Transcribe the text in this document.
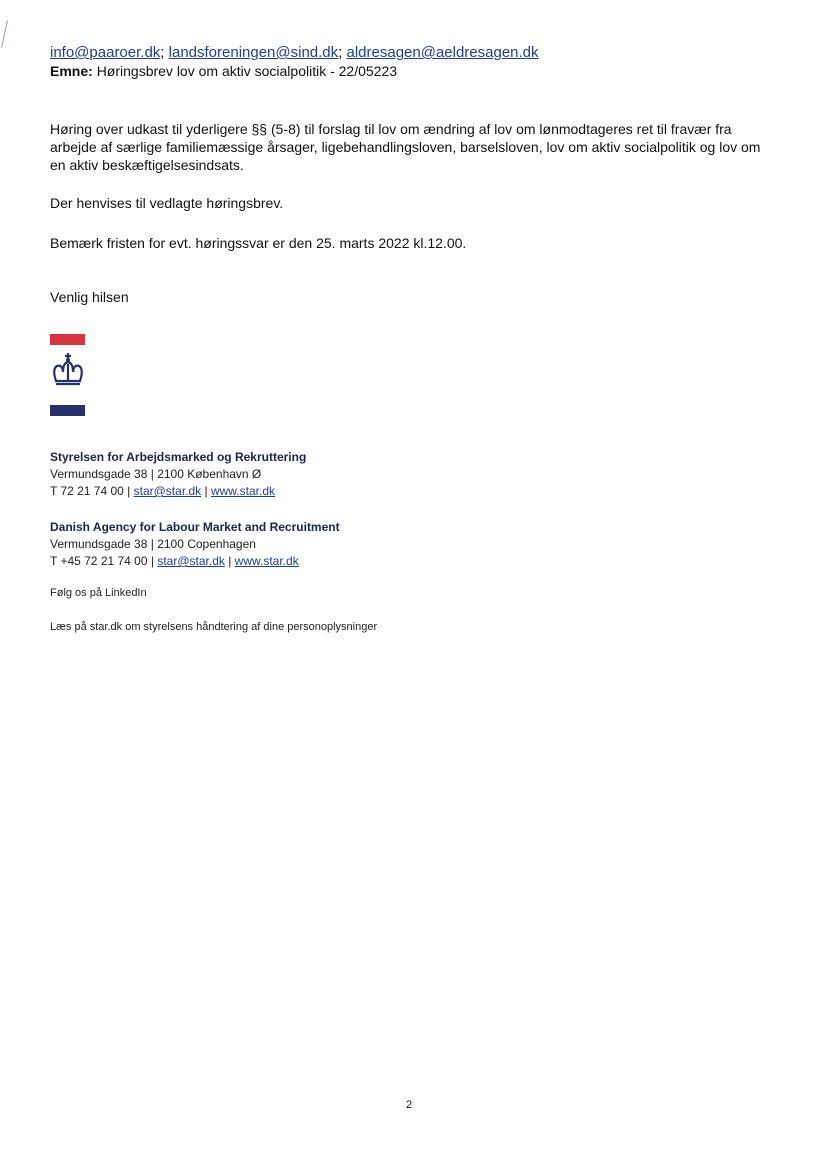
info@paaroer.dk; landsforeningen@sind.dk; aldresagen@aeldresagen.dk
Emne: Høringsbrev lov om aktiv socialpolitik - 22/05223
Høring over udkast til yderligere §§ (5-8) til forslag til lov om ændring af lov om lønmodtageres ret til fravær fra arbejde af særlige familiemæssige årsager, ligebehandlingsloven, barselsloven, lov om aktiv socialpolitik og lov om en aktiv beskæftigelsesindsats.
Der henvises til vedlagte høringsbrev.
Bemærk fristen for evt. høringssvar er den 25. marts 2022 kl.12.00.
Venlig hilsen
Styrelsen for Arbejdsmarked og Rekruttering
Vermundsgade 38 | 2100 København Ø
T 72 21 74 00 | star@star.dk | www.star.dk
Danish Agency for Labour Market and Recruitment
Vermundsgade 38 | 2100 Copenhagen
T +45 72 21 74 00 | star@star.dk | www.star.dk
Følg os på LinkedIn
Læs på star.dk om styrelsens håndtering af dine personoplysninger
2
